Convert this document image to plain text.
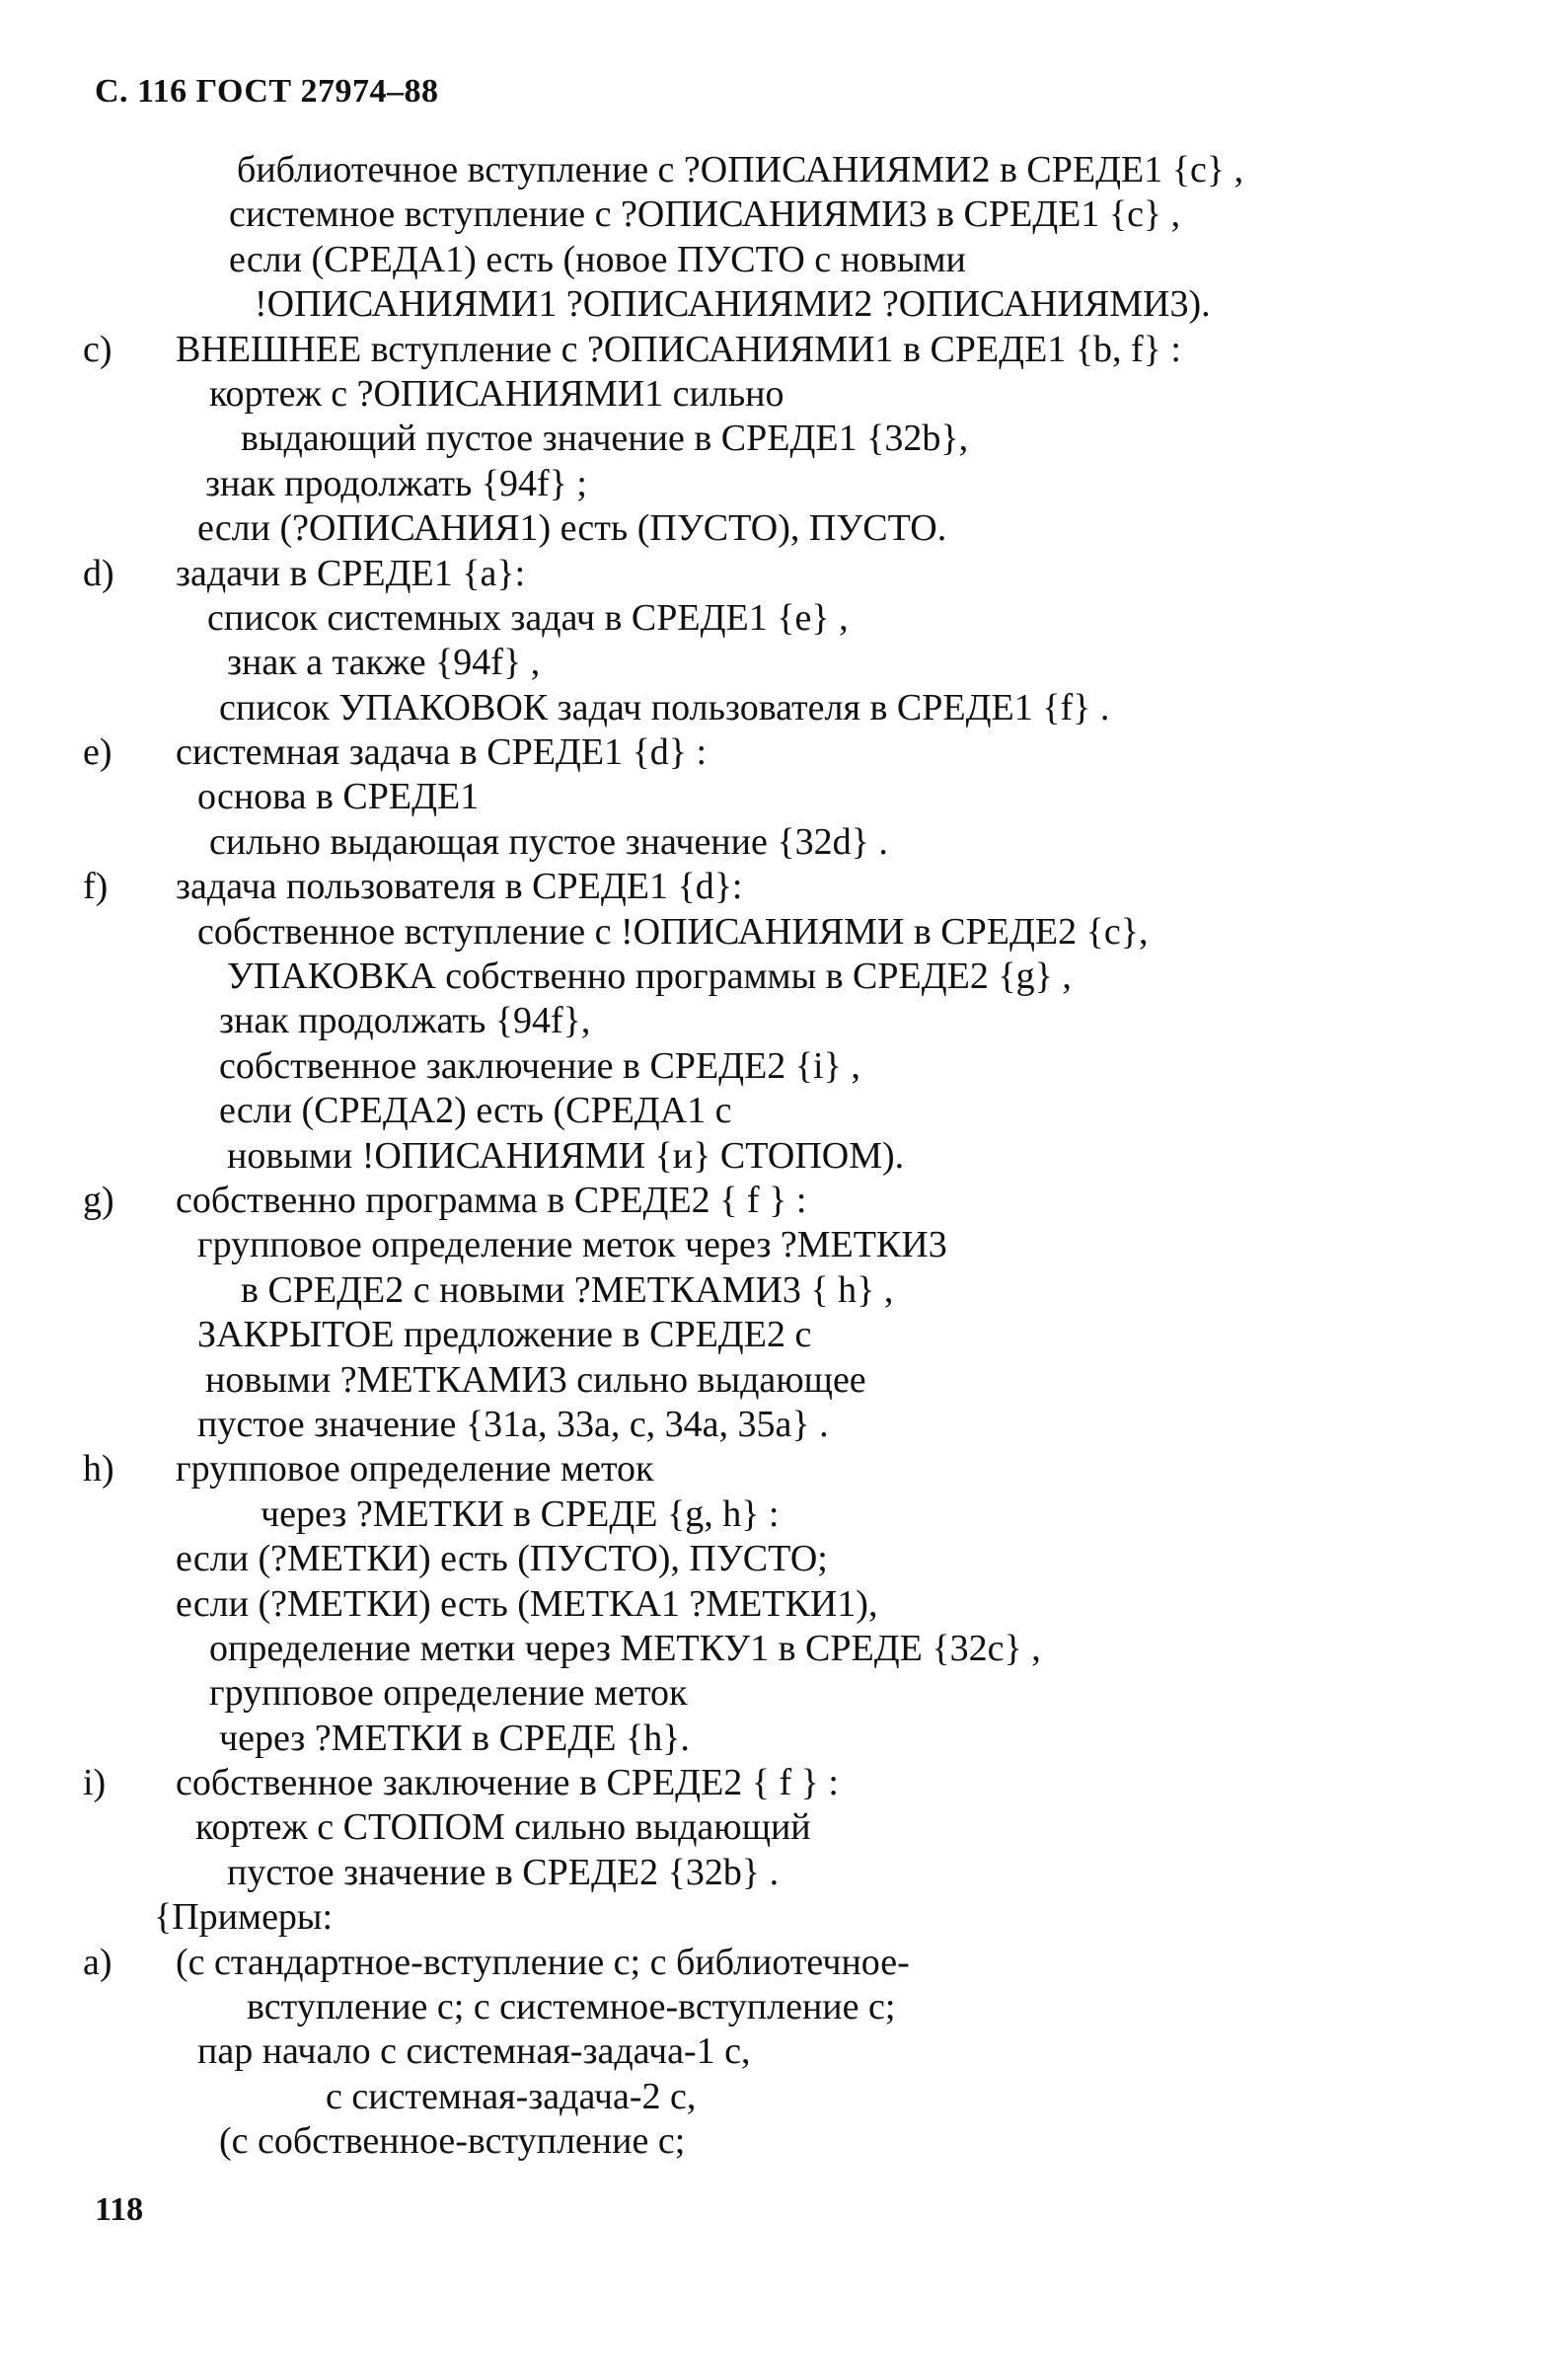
С. 116 ГОСТ 27974–88
библиотечное вступление с ?ОПИСАНИЯМИ2 в СРЕДЕ1 {c} ,
системное вступление с ?ОПИСАНИЯМИ3 в СРЕДЕ1 {c} ,
если (СРЕДА1) есть (новое ПУСТО с новыми
!ОПИСАНИЯМИ1 ?ОПИСАНИЯМИ2 ?ОПИСАНИЯМИ3).
c) ВНЕШНЕЕ вступление с ?ОПИСАНИЯМИ1 в СРЕДЕ1 {b, f} :
кортеж с ?ОПИСАНИЯМИ1 сильно
выдающий пустое значение в СРЕДЕ1 {32b},
знак продолжать {94f} ;
если (?ОПИСАНИЯ1) есть (ПУСТО), ПУСТО.
d) задачи в СРЕДЕ1 {a}:
список системных задач в СРЕДЕ1 {e} ,
знак а также {94f} ,
список УПАКОВОК задач пользователя в СРЕДЕ1 {f} .
e) системная задача в СРЕДЕ1 {d} :
основа в СРЕДЕ1
сильно выдающая пустое значение {32d} .
f) задача пользователя в СРЕДЕ1 {d}:
собственное вступление с !ОПИСАНИЯМИ в СРЕДЕ2 {c},
УПАКОВКА собственно программы в СРЕДЕ2 {g} ,
знак продолжать {94f},
собственное заключение в СРЕДЕ2 {i} ,
если (СРЕДА2) есть (СРЕДА1 с
новыми !ОПИСАНИЯМИ {и} СТОПОМ).
g) собственно программа в СРЕДЕ2 { f } :
групповое определение меток через ?МЕТКИ3
в СРЕДЕ2 с новыми ?МЕТКАМИ3 { h} ,
ЗАКРЫТОЕ предложение в СРЕДЕ2 с
новыми ?МЕТКАМИ3 сильно выдающее
пустое значение {31a, 33a, c, 34a, 35a} .
h) групповое определение меток
через ?МЕТКИ в СРЕДЕ {g, h} :
если (?МЕТКИ) есть (ПУСТО), ПУСТО;
если (?МЕТКИ) есть (МЕТКА1 ?МЕТКИ1),
определение метки через МЕТКУ1 в СРЕДЕ {32c} ,
групповое определение меток
через ?МЕТКИ в СРЕДЕ {h}.
i) собственное заключение в СРЕДЕ2 { f } :
кортеж с СТОПОМ сильно выдающий
пустое значение в СРЕДЕ2 {32b} .
{Примеры:
a) (с стандартное-вступление с; с библиотечное-
вступление с; с системное-вступление с;
пар начало с системная-задача-1 с,
с системная-задача-2 с,
(с собственное-вступление с;
118
